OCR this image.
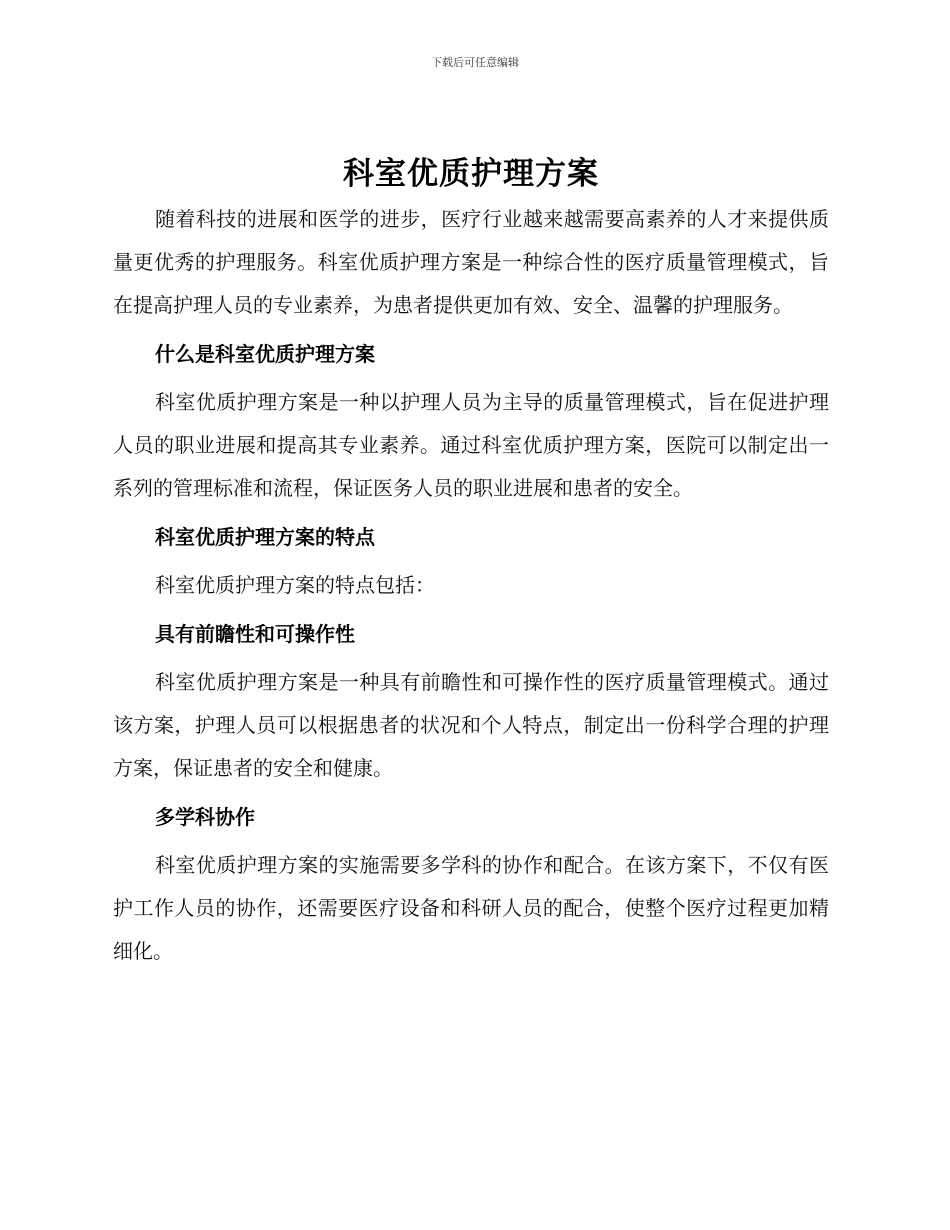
下载后可任意编辑
科室优质护理方案

随着科技的进展和医学的进步，医疗行业越来越需要高素养的人才来提供质量更优秀的护理服务。科室优质护理方案是一种综合性的医疗质量管理模式，旨在提高护理人员的专业素养，为患者提供更加有效、安全、温馨的护理服务。

什么是科室优质护理方案

科室优质护理方案是一种以护理人员为主导的质量管理模式，旨在促进护理人员的职业进展和提高其专业素养。通过科室优质护理方案，医院可以制定出一系列的管理标准和流程，保证医务人员的职业进展和患者的安全。

科室优质护理方案的特点

科室优质护理方案的特点包括：

具有前瞻性和可操作性

科室优质护理方案是一种具有前瞻性和可操作性的医疗质量管理模式。通过该方案，护理人员可以根据患者的状况和个人特点，制定出一份科学合理的护理方案，保证患者的安全和健康。

多学科协作

科室优质护理方案的实施需要多学科的协作和配合。在该方案下，不仅有医护工作人员的协作，还需要医疗设备和科研人员的配合，使整个医疗过程更加精细化。
